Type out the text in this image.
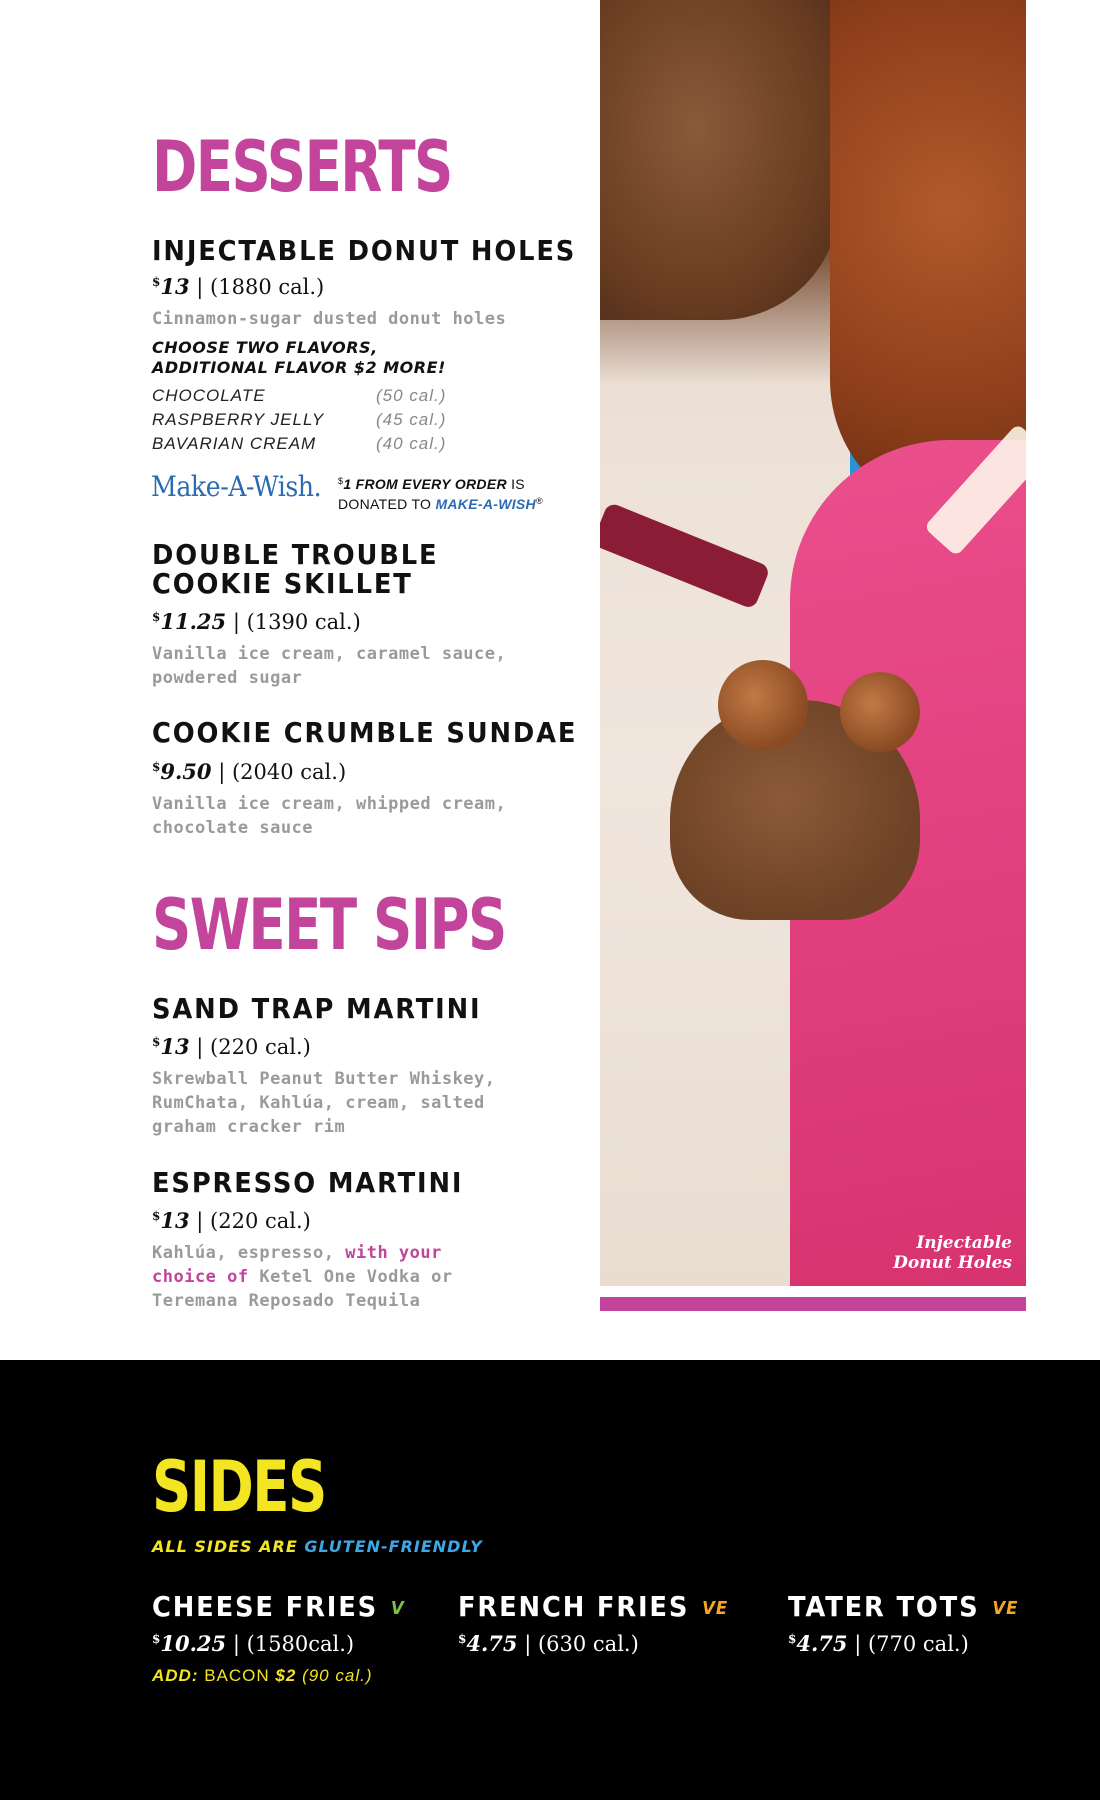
DESSERTS
INJECTABLE DONUT HOLES
$13 | (1880 cal.)
Cinnamon-sugar dusted donut holes
CHOOSE TWO FLAVORS,
ADDITIONAL FLAVOR $2 MORE!
CHOCOLATE	(50 cal.)
RASPBERRY JELLY	(45 cal.)
BAVARIAN CREAM	(40 cal.)
Make-A-Wish. $1 FROM EVERY ORDER IS
DONATED TO MAKE-A-WISH®
DOUBLE TROUBLE
COOKIE SKILLET
$11.25 | (1390 cal.)
Vanilla ice cream, caramel sauce,
powdered sugar
COOKIE CRUMBLE SUNDAE
$9.50 | (2040 cal.)
Vanilla ice cream, whipped cream,
chocolate sauce
SWEET SIPS
SAND TRAP MARTINI
$13 | (220 cal.)
Skrewball Peanut Butter Whiskey,
RumChata, Kahlúa, cream, salted
graham cracker rim
ESPRESSO MARTINI
$13 | (220 cal.)
Kahlúa, espresso, with your
choice of Ketel One Vodka or
Teremana Reposado Tequila
Injectable
Donut Holes
SIDES
ALL SIDES ARE GLUTEN-FRIENDLY
CHEESE FRIES V
$10.25 | (1580cal.)
ADD: BACON $2 (90 cal.)
FRENCH FRIES VE
$4.75 | (630 cal.)
TATER TOTS VE
$4.75 | (770 cal.)
